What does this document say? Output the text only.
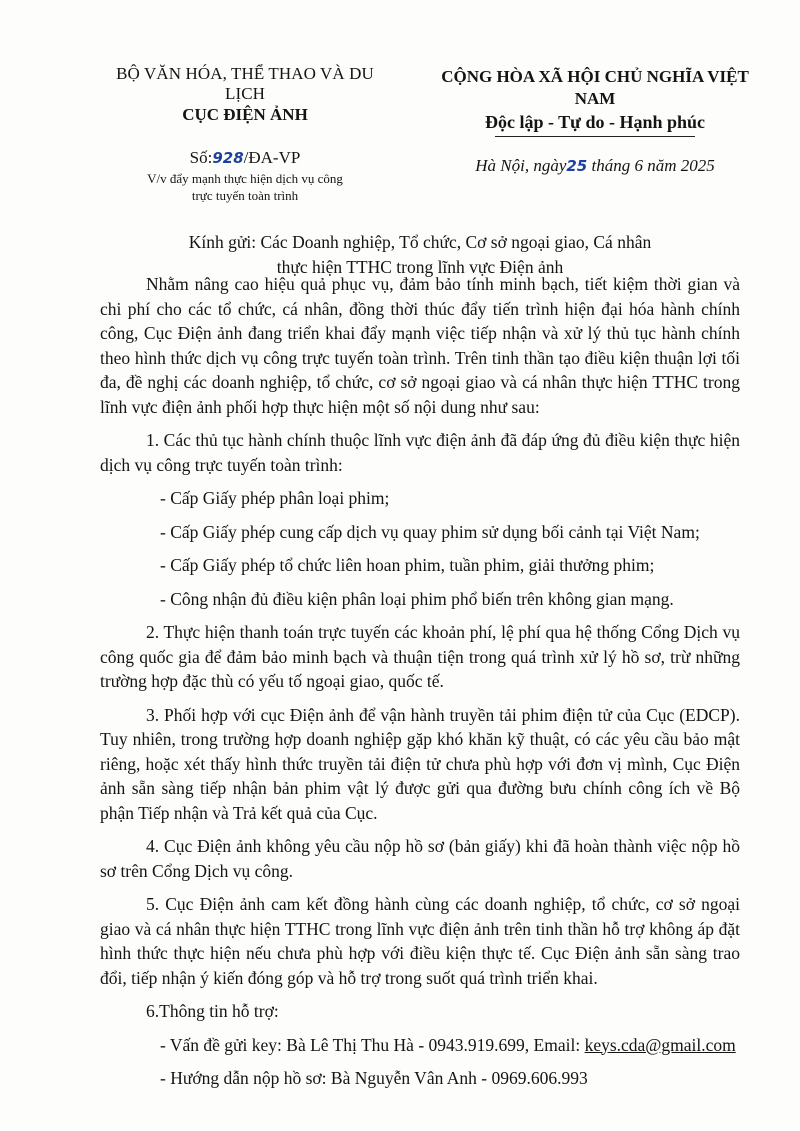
BỘ VĂN HÓA, THỂ THAO VÀ DU LỊCH
CỤC ĐIỆN ẢNH
Số:928/ĐA-VP
V/v đẩy mạnh thực hiện dịch vụ công
trực tuyến toàn trình
CỘNG HÒA XÃ HỘI CHỦ NGHĨA VIỆT NAM
Độc lập - Tự do - Hạnh phúc
Hà Nội, ngày25 tháng 6 năm 2025
Kính gửi: Các Doanh nghiệp, Tổ chức, Cơ sở ngoại giao, Cá nhân
thực hiện TTHC trong lĩnh vực Điện ảnh

Nhằm nâng cao hiệu quả phục vụ, đảm bảo tính minh bạch, tiết kiệm thời gian và chi phí cho các tổ chức, cá nhân, đồng thời thúc đẩy tiến trình hiện đại hóa hành chính công, Cục Điện ảnh đang triển khai đẩy mạnh việc tiếp nhận và xử lý thủ tục hành chính theo hình thức dịch vụ công trực tuyến toàn trình. Trên tinh thần tạo điều kiện thuận lợi tối đa, đề nghị các doanh nghiệp, tổ chức, cơ sở ngoại giao và cá nhân thực hiện TTHC trong lĩnh vực điện ảnh phối hợp thực hiện một số nội dung như sau:

1. Các thủ tục hành chính thuộc lĩnh vực điện ảnh đã đáp ứng đủ điều kiện thực hiện dịch vụ công trực tuyến toàn trình:

- Cấp Giấy phép phân loại phim;

- Cấp Giấy phép cung cấp dịch vụ quay phim sử dụng bối cảnh tại Việt Nam;

- Cấp Giấy phép tổ chức liên hoan phim, tuần phim, giải thưởng phim;

- Công nhận đủ điều kiện phân loại phim phổ biến trên không gian mạng.

2. Thực hiện thanh toán trực tuyến các khoản phí, lệ phí qua hệ thống Cổng Dịch vụ công quốc gia để đảm bảo minh bạch và thuận tiện trong quá trình xử lý hồ sơ, trừ những trường hợp đặc thù có yếu tố ngoại giao, quốc tế.

3. Phối hợp với cục Điện ảnh để vận hành truyền tải phim điện tử của Cục (EDCP). Tuy nhiên, trong trường hợp doanh nghiệp gặp khó khăn kỹ thuật, có các yêu cầu bảo mật riêng, hoặc xét thấy hình thức truyền tải điện tử chưa phù hợp với đơn vị mình, Cục Điện ảnh sẵn sàng tiếp nhận bản phim vật lý được gửi qua đường bưu chính công ích về Bộ phận Tiếp nhận và Trả kết quả của Cục.

4. Cục Điện ảnh không yêu cầu nộp hồ sơ (bản giấy) khi đã hoàn thành việc nộp hồ sơ trên Cổng Dịch vụ công.

5. Cục Điện ảnh cam kết đồng hành cùng các doanh nghiệp, tổ chức, cơ sở ngoại giao và cá nhân thực hiện TTHC trong lĩnh vực điện ảnh trên tinh thần hỗ trợ không áp đặt hình thức thực hiện nếu chưa phù hợp với điều kiện thực tế. Cục Điện ảnh sẵn sàng trao đổi, tiếp nhận ý kiến đóng góp và hỗ trợ trong suốt quá trình triển khai.

6.Thông tin hỗ trợ:

- Vấn đề gửi key: Bà Lê Thị Thu Hà - 0943.919.699, Email: keys.cda@gmail.com

- Hướng dẫn nộp hồ sơ: Bà Nguyễn Vân Anh - 0969.606.993
